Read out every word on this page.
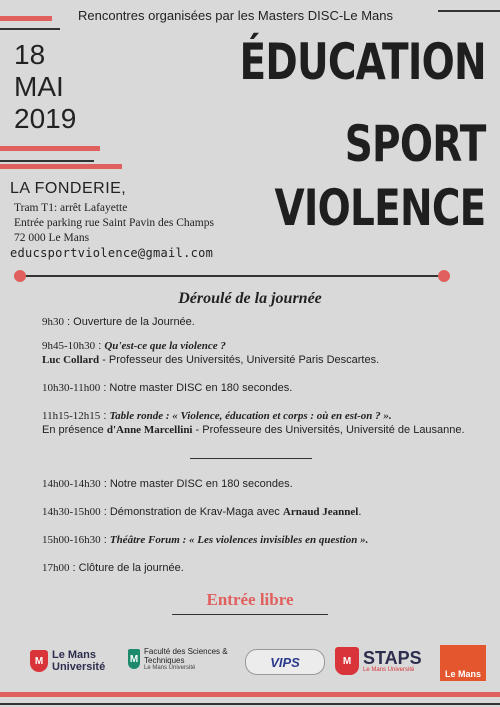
Rencontres organisées par les Masters DISC-Le Mans
18
MAI
2019
ÉDUCATION
SPORT
VIOLENCE
LA FONDERIE,
Tram T1: arrêt Lafayette
Entrée parking rue Saint Pavin des Champs
72 000 Le Mans
educsportviolence@gmail.com
Déroulé de la journée
9h30 : Ouverture de la Journée.
9h45-10h30 : Qu'est-ce que la violence ?
Luc Collard - Professeur des Universités, Université Paris Descartes.
10h30-11h00 : Notre master DISC en 180 secondes.
11h15-12h15 : Table ronde : « Violence, éducation et corps : où en est-on ? ».
En présence d'Anne Marcellini - Professeure des Universités, Université de Lausanne.
14h00-14h30 : Notre master DISC en 180 secondes.
14h30-15h00 : Démonstration de Krav-Maga avec Arnaud Jeannel.
15h00-16h30 : Théâtre Forum : « Les violences invisibles en question ».
17h00 : Clôture de la journée.
Entrée libre
M Le Mans Université
M
Faculté des Sciences & Techniques
Le Mans Université	VIPS	M STAPS
Le Mans Université	Le Mans
